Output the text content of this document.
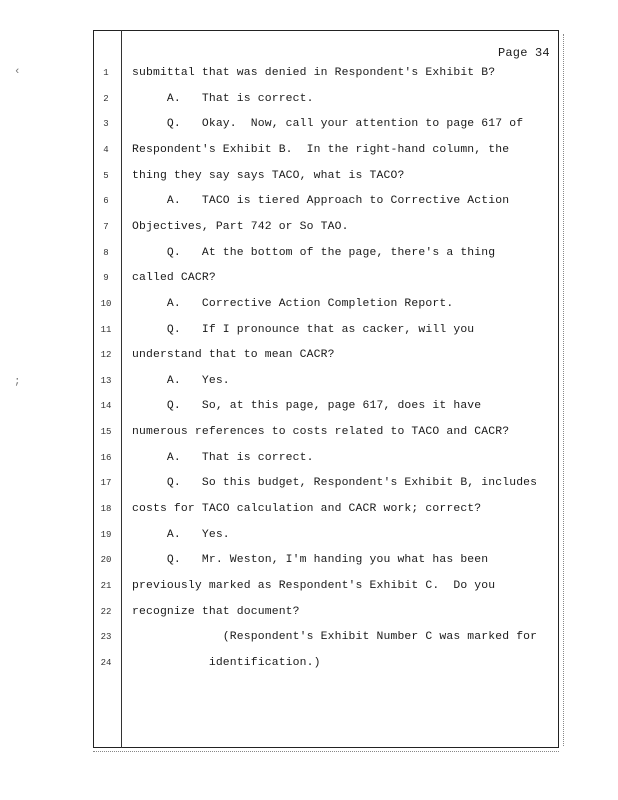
‹
;
Page 34
1	submittal that was denied in Respondent's Exhibit B?
2	A.   That is correct.
3	Q.   Okay.  Now, call your attention to page 617 of
4	Respondent's Exhibit B.  In the right-hand column, the
5	thing they say says TACO, what is TACO?
6	A.   TACO is tiered Approach to Corrective Action
7	Objectives, Part 742 or So TAO.
8	Q.   At the bottom of the page, there's a thing
9	called CACR?
10	A.   Corrective Action Completion Report.
11	Q.   If I pronounce that as cacker, will you
12	understand that to mean CACR?
13	A.   Yes.
14	Q.   So, at this page, page 617, does it have
15	numerous references to costs related to TACO and CACR?
16	A.   That is correct.
17	Q.   So this budget, Respondent's Exhibit B, includes
18	costs for TACO calculation and CACR work; correct?
19	A.   Yes.
20	Q.   Mr. Weston, I'm handing you what has been
21	previously marked as Respondent's Exhibit C.  Do you
22	recognize that document?
23	(Respondent's Exhibit Number C was marked for
24	identification.)
